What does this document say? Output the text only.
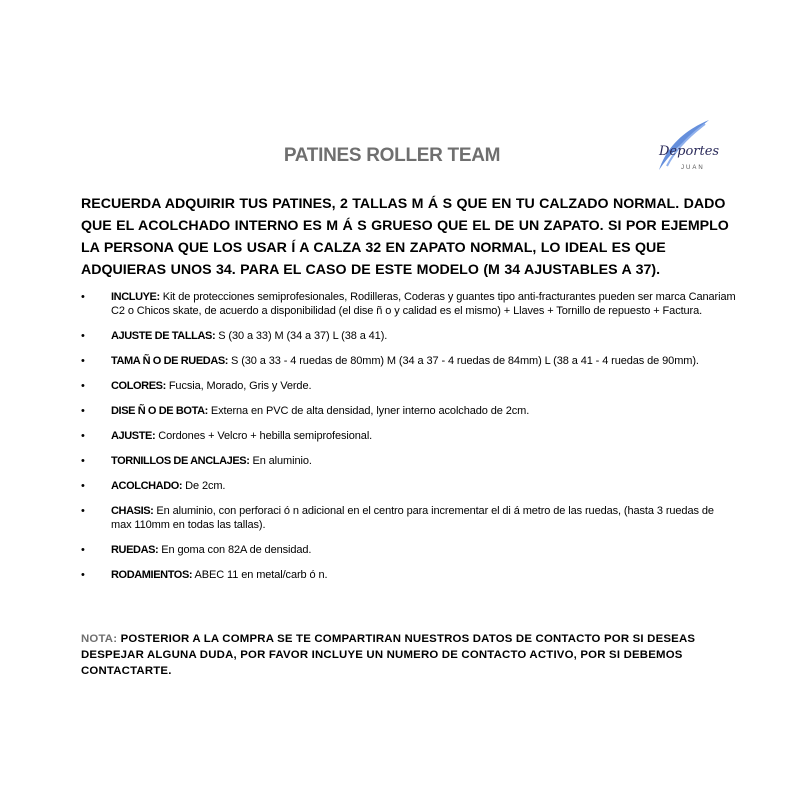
PATINES ROLLER TEAM	Deportes
JUAN
RECUERDA ADQUIRIR TUS PATINES, 2 TALLAS M Á S QUE EN TU CALZADO NORMAL. DADO QUE EL ACOLCHADO INTERNO ES M Á S GRUESO QUE EL DE UN ZAPATO. SI POR EJEMPLO LA PERSONA QUE LOS USAR Í A CALZA 32 EN ZAPATO NORMAL, LO IDEAL ES QUE ADQUIERAS UNOS 34. PARA EL CASO DE ESTE MODELO (M 34 AJUSTABLES A 37).
• INCLUYE: Kit de protecciones semiprofesionales, Rodilleras, Coderas y guantes tipo anti-fracturantes pueden ser marca Canariam C2 o Chicos skate, de acuerdo a disponibilidad (el dise ñ o y calidad es el mismo) + Llaves + Tornillo de repuesto + Factura.
• AJUSTE DE TALLAS: S (30 a 33) M (34 a 37) L (38 a 41).
• TAMA Ñ O DE RUEDAS: S (30 a 33 - 4 ruedas de 80mm) M (34 a 37 - 4 ruedas de 84mm) L (38 a 41 - 4 ruedas de 90mm).
• COLORES: Fucsia, Morado, Gris y Verde.
• DISE Ñ O DE BOTA: Externa en PVC de alta densidad, lyner interno acolchado de 2cm.
• AJUSTE: Cordones + Velcro + hebilla semiprofesional.
• TORNILLOS DE ANCLAJES: En aluminio.
• ACOLCHADO: De 2cm.
• CHASIS: En aluminio, con perforaci ó n adicional en el centro para incrementar el di á metro de las ruedas, (hasta 3 ruedas de max 110mm en todas las tallas).
• RUEDAS: En goma con 82A de densidad.
• RODAMIENTOS: ABEC 11 en metal/carb ó n.
NOTA: POSTERIOR A LA COMPRA SE TE COMPARTIRAN NUESTROS DATOS DE CONTACTO POR SI DESEAS DESPEJAR ALGUNA DUDA, POR FAVOR INCLUYE UN NUMERO DE CONTACTO ACTIVO, POR SI DEBEMOS CONTACTARTE.
